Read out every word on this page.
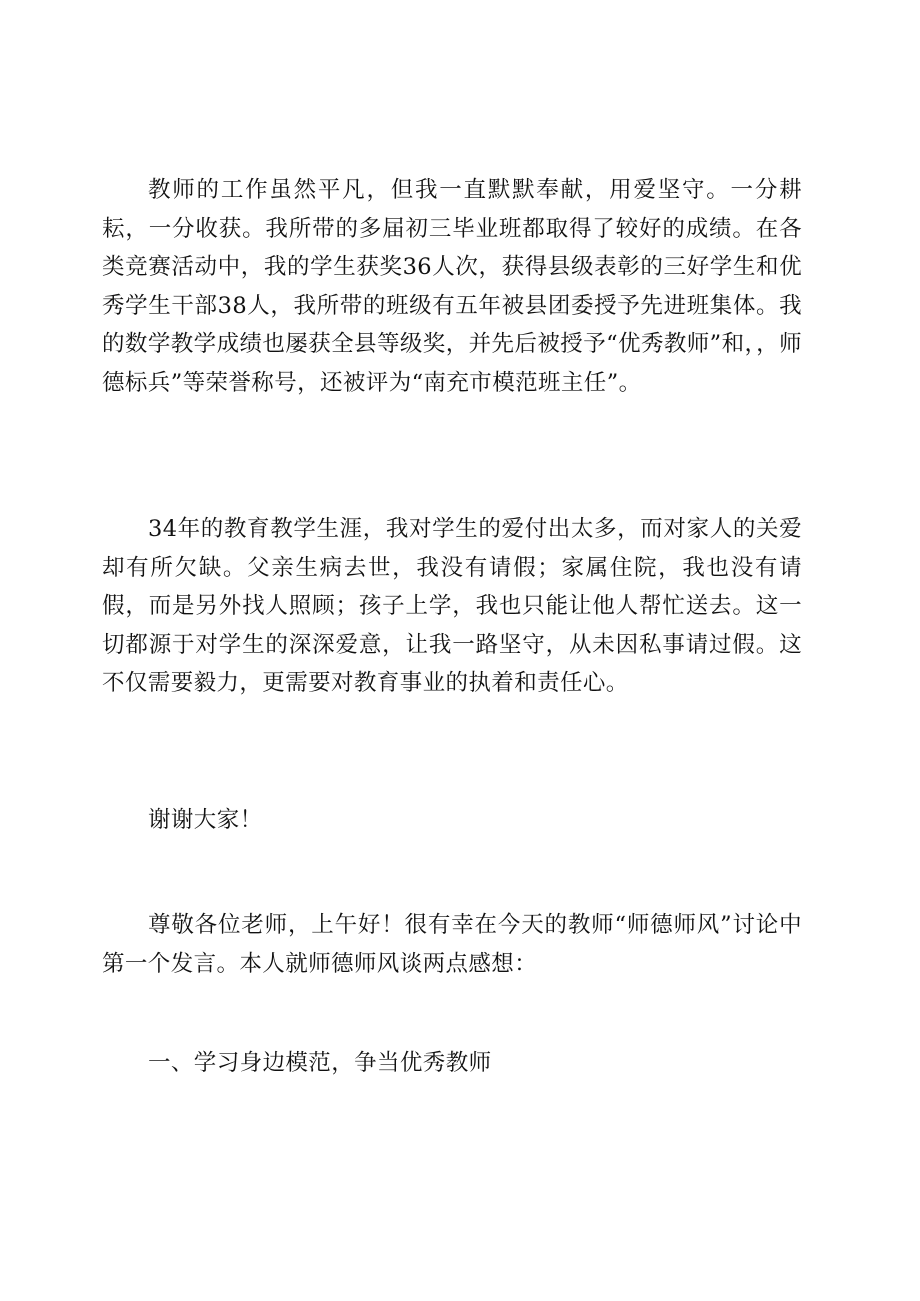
教师的工作虽然平凡，但我一直默默奉献，用爱坚守。一分耕耘，一分收获。我所带的多届初三毕业班都取得了较好的成绩。在各类竞赛活动中，我的学生获奖36人次，获得县级表彰的三好学生和优秀学生干部38人，我所带的班级有五年被县团委授予先进班集体。我的数学教学成绩也屡获全县等级奖，并先后被授予“优秀教师”和，，师德标兵”等荣誉称号，还被评为“南充市模范班主任”。

34年的教育教学生涯，我对学生的爱付出太多，而对家人的关爱却有所欠缺。父亲生病去世，我没有请假；家属住院，我也没有请假，而是另外找人照顾；孩子上学，我也只能让他人帮忙送去。这一切都源于对学生的深深爱意，让我一路坚守，从未因私事请过假。这不仅需要毅力，更需要对教育事业的执着和责任心。

谢谢大家！

尊敬各位老师，上午好！很有幸在今天的教师“师德师风”讨论中第一个发言。本人就师德师风谈两点感想：

一、学习身边模范，争当优秀教师
